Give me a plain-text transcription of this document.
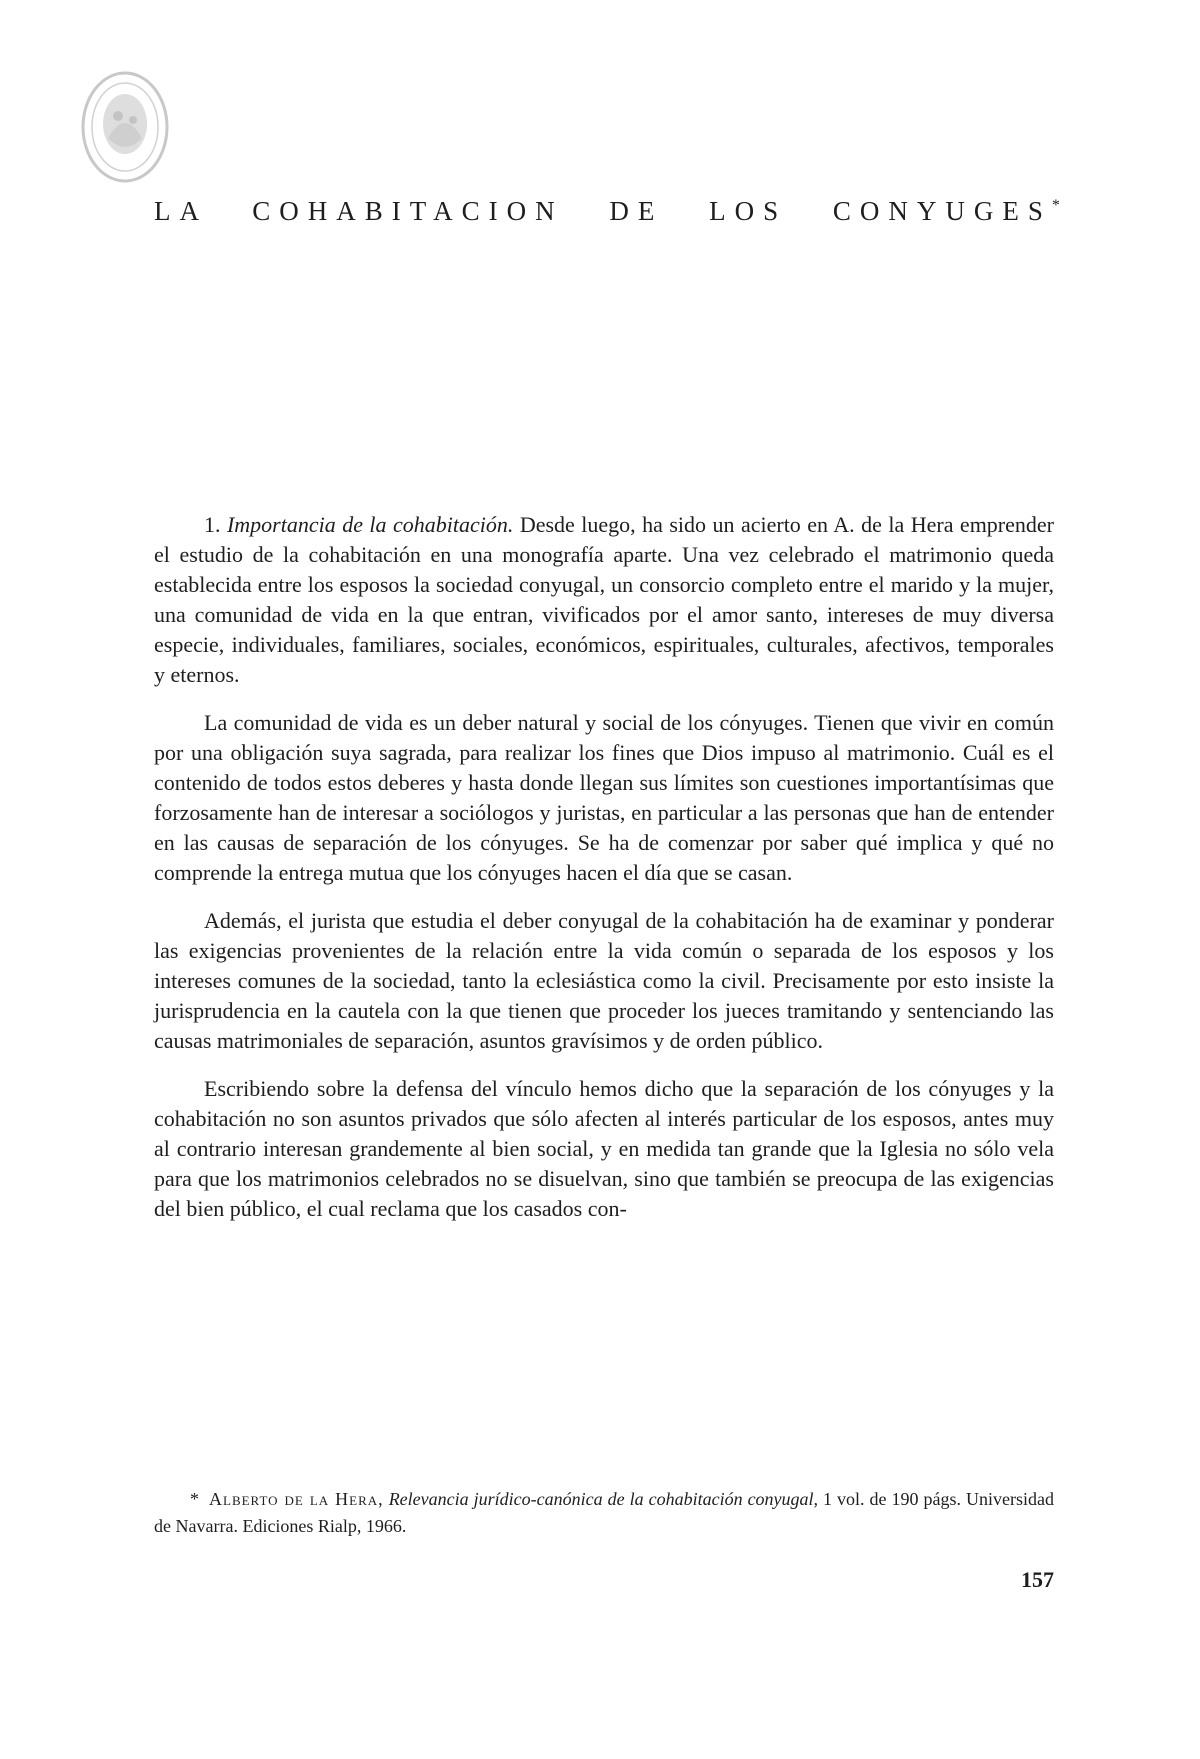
LA COHABITACION DE LOS CONYUGES*

1. Importancia de la cohabitación. Desde luego, ha sido un acierto en A. de la Hera emprender el estudio de la cohabitación en una monografía aparte. Una vez celebrado el matrimonio queda establecida entre los esposos la sociedad conyugal, un consorcio completo entre el marido y la mujer, una comunidad de vida en la que entran, vivificados por el amor santo, intereses de muy diversa especie, individuales, familiares, sociales, económicos, espirituales, culturales, afectivos, temporales y eternos.

La comunidad de vida es un deber natural y social de los cónyuges. Tienen que vivir en común por una obligación suya sagrada, para realizar los fines que Dios impuso al matrimonio. Cuál es el contenido de todos estos deberes y hasta donde llegan sus límites son cuestiones importantísimas que forzosamente han de interesar a sociólogos y juristas, en particular a las personas que han de entender en las causas de separación de los cónyuges. Se ha de comenzar por saber qué implica y qué no comprende la entrega mutua que los cónyuges hacen el día que se casan.

Además, el jurista que estudia el deber conyugal de la cohabitación ha de examinar y ponderar las exigencias provenientes de la relación entre la vida común o separada de los esposos y los intereses comunes de la sociedad, tanto la eclesiástica como la civil. Precisamente por esto insiste la jurisprudencia en la cautela con la que tienen que proceder los jueces tramitando y sentenciando las causas matrimoniales de separación, asuntos gravísimos y de orden público.

Escribiendo sobre la defensa del vínculo hemos dicho que la separación de los cónyuges y la cohabitación no son asuntos privados que sólo afecten al interés particular de los esposos, antes muy al contrario interesan grandemente al bien social, y en medida tan grande que la Iglesia no sólo vela para que los matrimonios celebrados no se disuelvan, sino que también se preocupa de las exigencias del bien público, el cual reclama que los casados con-

* Alberto de la Hera, Relevancia jurídico-canónica de la cohabitación conyugal, 1 vol. de 190 págs. Universidad de Navarra. Ediciones Rialp, 1966.
157
